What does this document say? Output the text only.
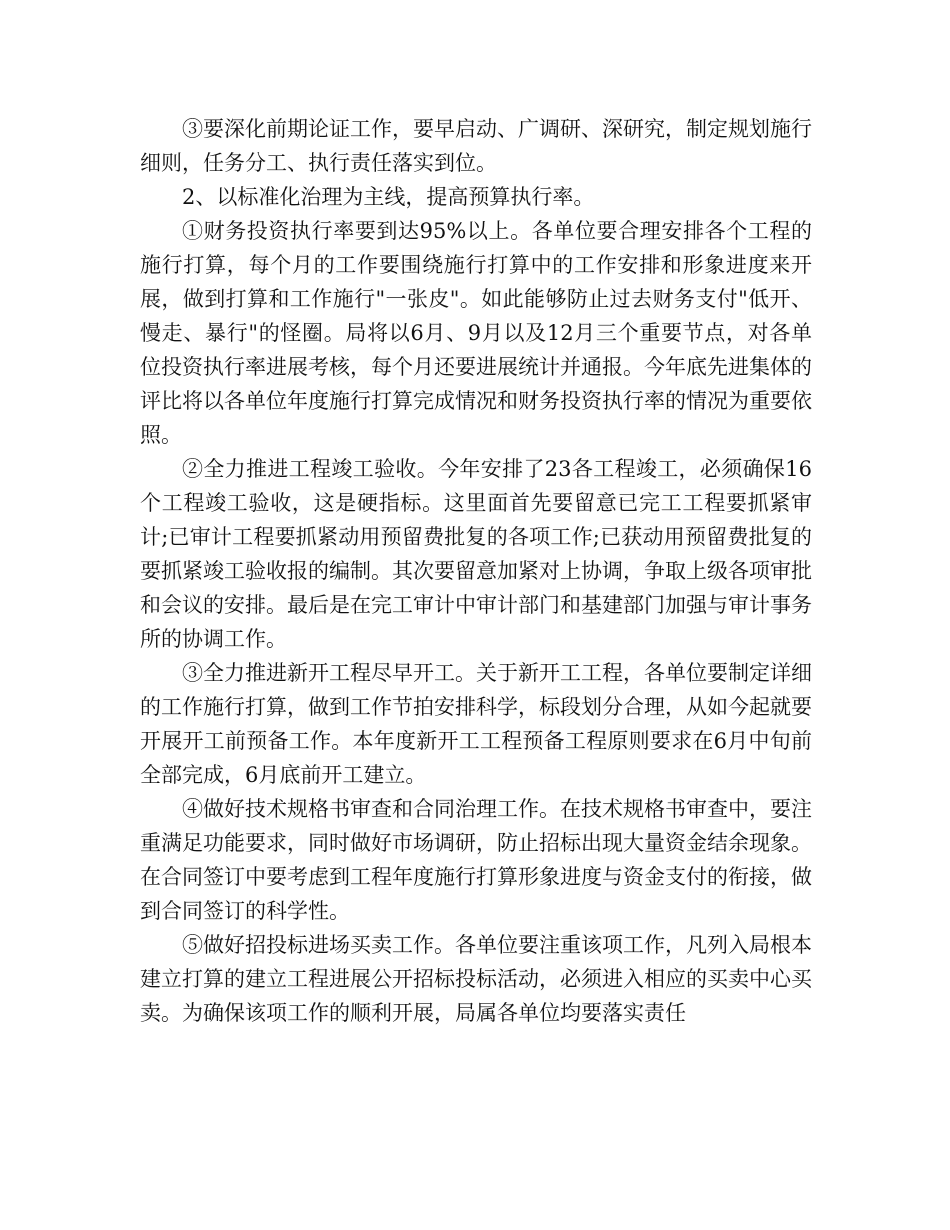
③要深化前期论证工作，要早启动、广调研、深研究，制定规划施行细则，任务分工、执行责任落实到位。

2、以标准化治理为主线，提高预算执行率。

①财务投资执行率要到达95%以上。各单位要合理安排各个工程的施行打算，每个月的工作要围绕施行打算中的工作安排和形象进度来开展，做到打算和工作施行"一张皮"。如此能够防止过去财务支付"低开、慢走、暴行"的怪圈。局将以6月、9月以及12月三个重要节点，对各单位投资执行率进展考核，每个月还要进展统计并通报。今年底先进集体的评比将以各单位年度施行打算完成情况和财务投资执行率的情况为重要依照。

②全力推进工程竣工验收。今年安排了23各工程竣工，必须确保16个工程竣工验收，这是硬指标。这里面首先要留意已完工工程要抓紧审计;已审计工程要抓紧动用预留费批复的各项工作;已获动用预留费批复的要抓紧竣工验收报的编制。其次要留意加紧对上协调，争取上级各项审批和会议的安排。最后是在完工审计中审计部门和基建部门加强与审计事务所的协调工作。

③全力推进新开工程尽早开工。关于新开工工程，各单位要制定详细的工作施行打算，做到工作节拍安排科学，标段划分合理，从如今起就要开展开工前预备工作。本年度新开工工程预备工程原则要求在6月中旬前全部完成，6月底前开工建立。

④做好技术规格书审查和合同治理工作。在技术规格书审查中，要注重满足功能要求，同时做好市场调研，防止招标出现大量资金结余现象。在合同签订中要考虑到工程年度施行打算形象进度与资金支付的衔接，做到合同签订的科学性。

⑤做好招投标进场买卖工作。各单位要注重该项工作，凡列入局根本建立打算的建立工程进展公开招标投标活动，必须进入相应的买卖中心买卖。为确保该项工作的顺利开展，局属各单位均要落实责任
